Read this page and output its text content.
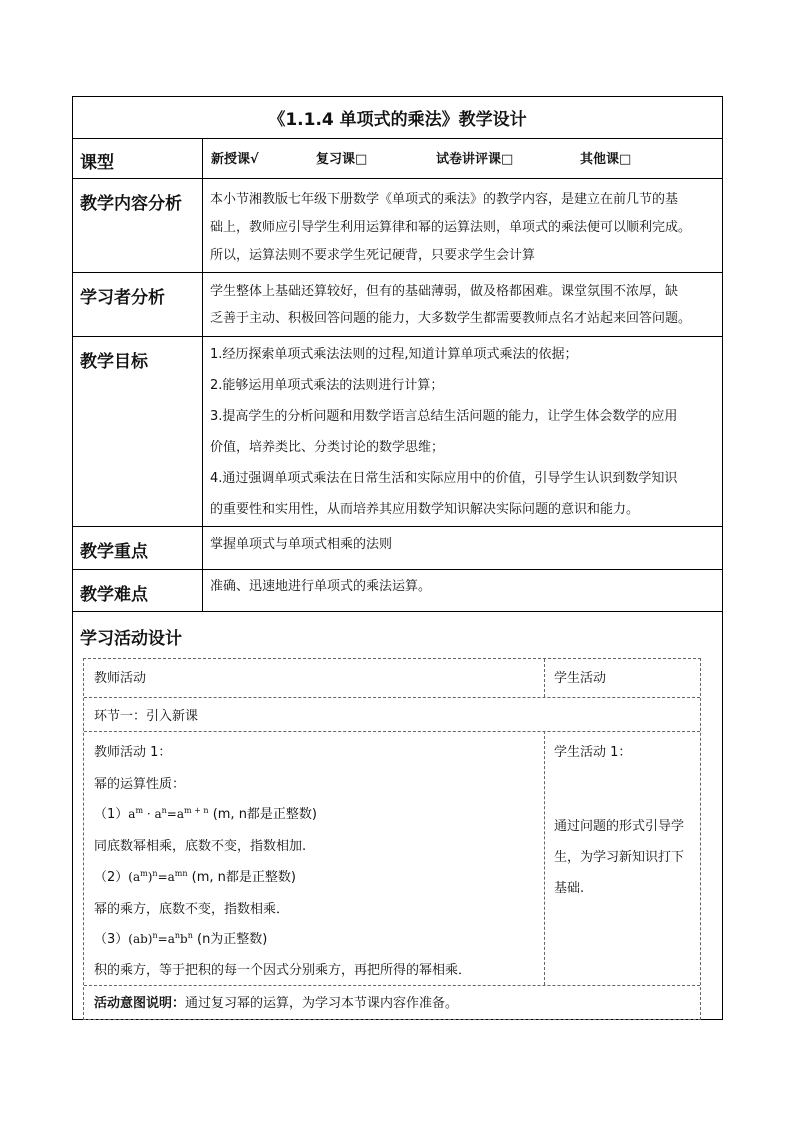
《1.1.4 单项式的乘法》教学设计
课型	新授课√	复习课□	试卷讲评课□	其他课□
教学内容分析	本小节湘教版七年级下册数学《单项式的乘法》的教学内容，是建立在前几节的基
础上，教师应引导学生利用运算律和幂的运算法则，单项式的乘法便可以顺利完成。
所以，运算法则不要求学生死记硬背，只要求学生会计算
学习者分析	学生整体上基础还算较好，但有的基础薄弱，做及格都困难。课堂氛围不浓厚，缺
乏善于主动、积极回答问题的能力，大多数学生都需要教师点名才站起来回答问题。
教学目标	1.经历探索单项式乘法法则的过程,知道计算单项式乘法的依据；
2.能够运用单项式乘法的法则进行计算；
3.提高学生的分析问题和用数学语言总结生活问题的能力，让学生体会数学的应用
价值，培养类比、分类讨论的数学思维；
4.通过强调单项式乘法在日常生活和实际应用中的价值，引导学生认识到数学知识
的重要性和实用性，从而培养其应用数学知识解决实际问题的意识和能力。
教学重点	掌握单项式与单项式相乘的法则
教学难点	准确、迅速地进行单项式的乘法运算。
学习活动设计
教师活动	学生活动
环节一：引入新课
教师活动 1：
幂的运算性质：
$(1)a^m \cdot a^n=a^{m + n}$ (m, n都是正整数)
同底数幂相乘，底数不变，指数相加.
$(2)(a^m)^n=a^{mn}$ (m, n都是正整数)
幂的乘方，底数不变，指数相乘．
$(3)(ab)^n=a^nb^n$ (n为正整数)
积的乘方，等于把积的每一个因式分别乘方，再把所得的幂相乘．
学生活动 1：
通过问题的形式引导学
生，为学习新知识打下
基础.
活动意图说明：通过复习幂的运算，为学习本节课内容作准备。
